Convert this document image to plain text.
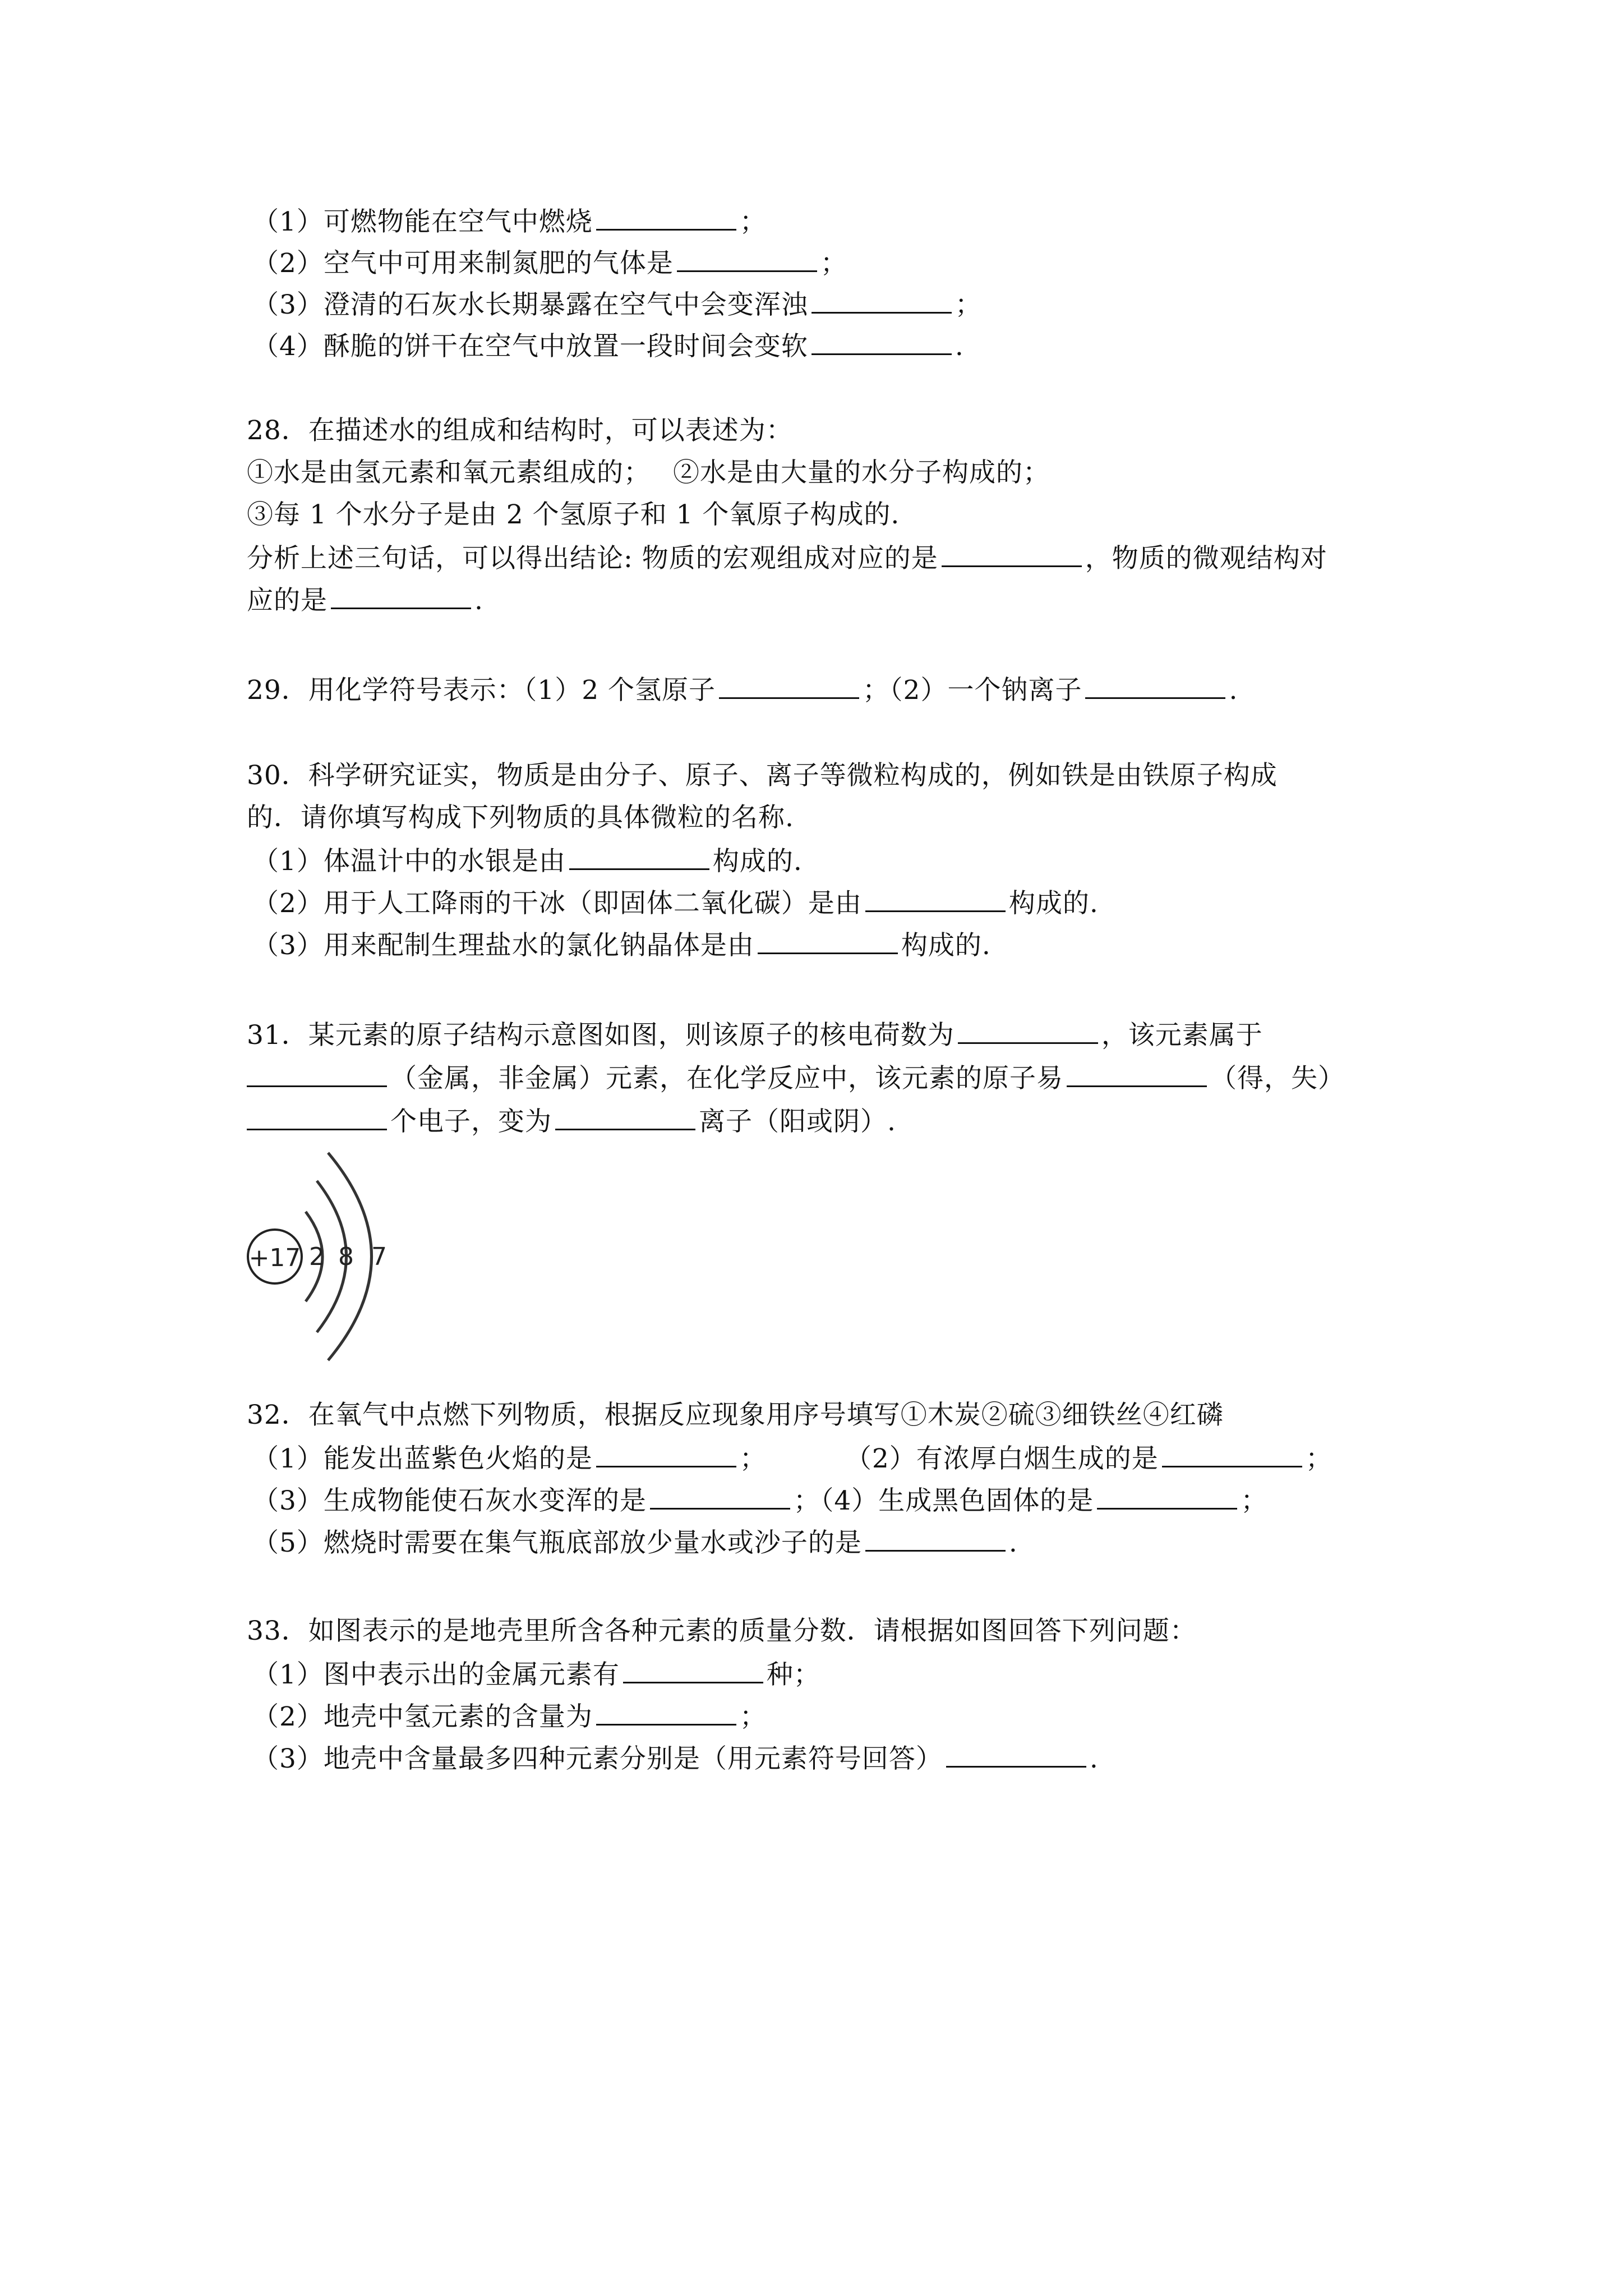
（1）可燃物能在空气中燃烧	；
（2）空气中可用来制氮肥的气体是	；
（3）澄清的石灰水长期暴露在空气中会变浑浊	；
（4）酥脆的饼干在空气中放置一段时间会变软	.
28．在描述水的组成和结构时，可以表述为：
①水是由氢元素和氧元素组成的； ②水是由大量的水分子构成的；
③每 1 个水分子是由 2 个氢原子和 1 个氧原子构成的.
分析上述三句话，可以得出结论: 物质的宏观组成对应的是	，物质的微观结构对
应的是	.
29．用化学符号表示：（1）2 个氢原子	；（2）一个钠离子	.
30．科学研究证实，物质是由分子、原子、离子等微粒构成的，例如铁是由铁原子构成
的．请你填写构成下列物质的具体微粒的名称.
（1）体温计中的水银是由	构成的.
（2）用于人工降雨的干冰（即固体二氧化碳）是由	构成的.
（3）用来配制生理盐水的氯化钠晶体是由	构成的.
31．某元素的原子结构示意图如图，则该原子的核电荷数为	，该元素属于
（金属，非金属）元素，在化学反应中，该元素的原子易	（得，失）
个电子，变为	离子（阳或阴）.
+17 2 8 7
32．在氧气中点燃下列物质，根据反应现象用序号填写①木炭②硫③细铁丝④红磷
（1）能发出蓝紫色火焰的是	；	（2）有浓厚白烟生成的是	；
（3）生成物能使石灰水变浑的是	；（4）生成黑色固体的是	；
（5）燃烧时需要在集气瓶底部放少量水或沙子的是	.
33．如图表示的是地壳里所含各种元素的质量分数．请根据如图回答下列问题：
（1）图中表示出的金属元素有	种；
（2）地壳中氢元素的含量为	；
（3）地壳中含量最多四种元素分别是（用元素符号回答）	.
